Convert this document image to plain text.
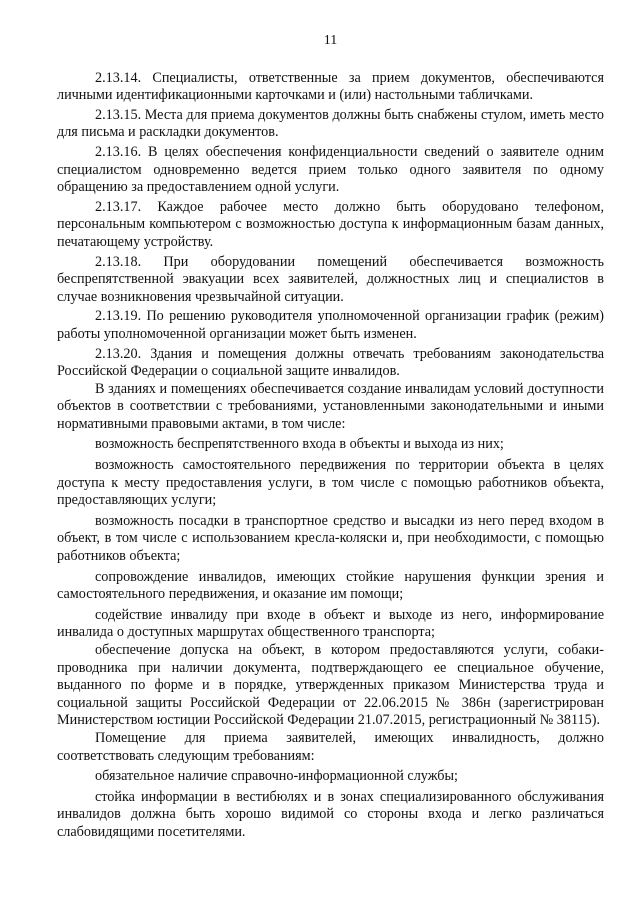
11

2.13.14. Специалисты, ответственные за прием документов, обеспечиваются личными идентификационными карточками и (или) настольными табличками.

2.13.15. Места для приема документов должны быть снабжены стулом, иметь место для письма и раскладки документов.

2.13.16. В целях обеспечения конфиденциальности сведений о заявителе одним специалистом одновременно ведется прием только одного заявителя по одному обращению за предоставлением одной услуги.

2.13.17. Каждое рабочее место должно быть оборудовано телефоном, персональным компьютером с возможностью доступа к информационным базам данных, печатающему устройству.

2.13.18. При оборудовании помещений обеспечивается возможность беспрепятственной эвакуации всех заявителей, должностных лиц и специалистов в случае возникновения чрезвычайной ситуации.

2.13.19. По решению руководителя уполномоченной организации график (режим) работы уполномоченной организации может быть изменен.

2.13.20. Здания и помещения должны отвечать требованиям законодательства Российской Федерации о социальной защите инвалидов.

В зданиях и помещениях обеспечивается создание инвалидам условий доступности объектов в соответствии с требованиями, установленными законодательными и иными нормативными правовыми актами, в том числе:

возможность беспрепятственного входа в объекты и выхода из них;

возможность самостоятельного передвижения по территории объекта в целях доступа к месту предоставления услуги, в том числе с помощью работников объекта, предоставляющих услуги;

возможность посадки в транспортное средство и высадки из него перед входом в объект, в том числе с использованием кресла-коляски и, при необходимости, с помощью работников объекта;

сопровождение инвалидов, имеющих стойкие нарушения функции зрения и самостоятельного передвижения, и оказание им помощи;

содействие инвалиду при входе в объект и выходе из него, информирование инвалида о доступных маршрутах общественного транспорта;

обеспечение допуска на объект, в котором предоставляются услуги, собаки-проводника при наличии документа, подтверждающего ее специальное обучение, выданного по форме и в порядке, утвержденных приказом Министерства труда и социальной защиты Российской Федерации от 22.06.2015 № 386н (зарегистрирован Министерством юстиции Российской Федерации 21.07.2015, регистрационный № 38115).

Помещение для приема заявителей, имеющих инвалидность, должно соответствовать следующим требованиям:

обязательное наличие справочно-информационной службы;

стойка информации в вестибюлях и в зонах специализированного обслуживания инвалидов должна быть хорошо видимой со стороны входа и легко различаться слабовидящими посетителями.
